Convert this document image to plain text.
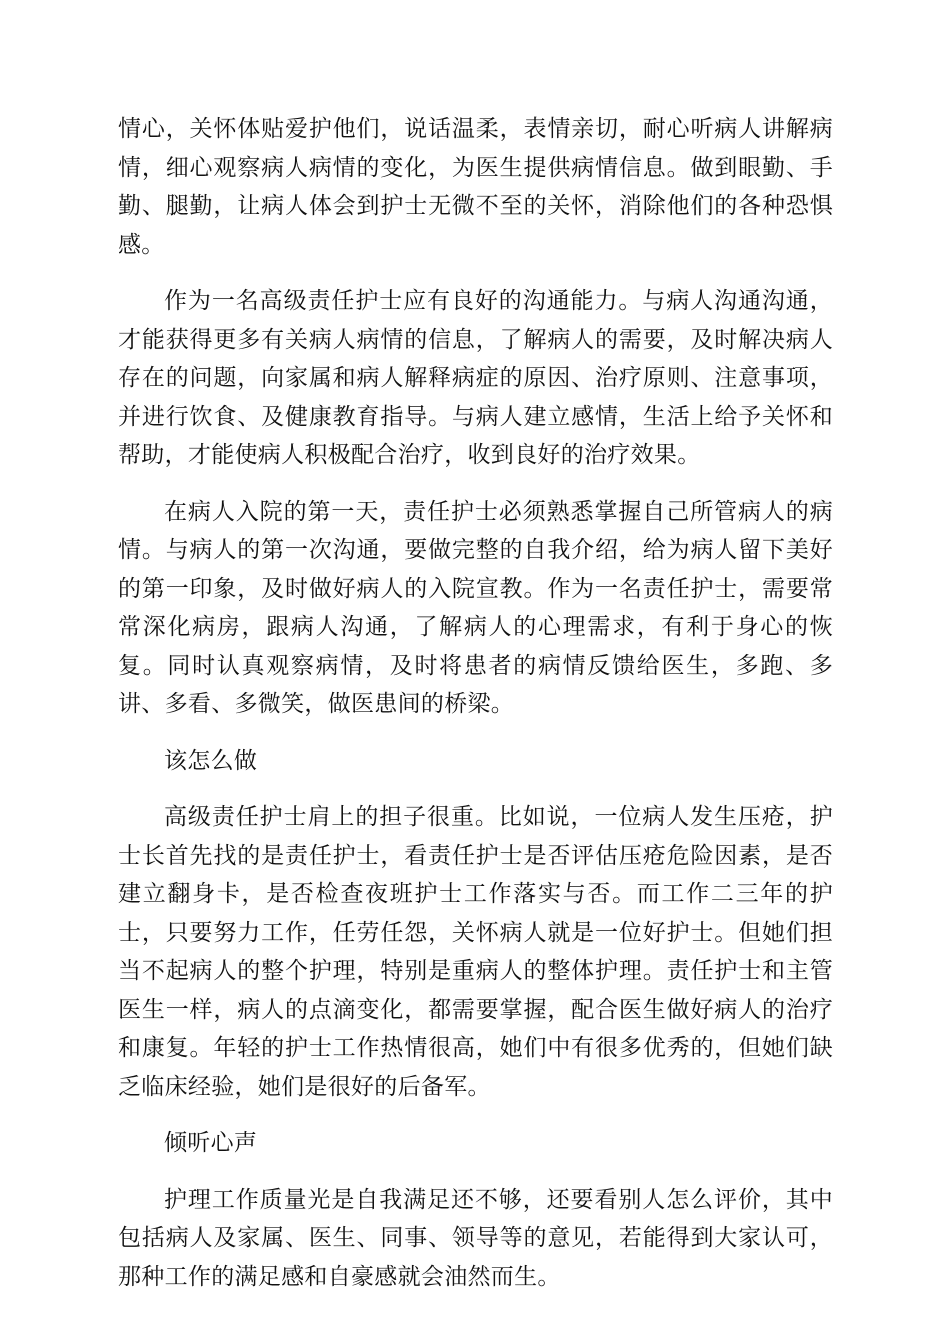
情心，关怀体贴爱护他们，说话温柔，表情亲切，耐心听病人讲解病情，细心观察病人病情的变化，为医生提供病情信息。做到眼勤、手勤、腿勤，让病人体会到护士无微不至的关怀，消除他们的各种恐惧感。

作为一名高级责任护士应有良好的沟通能力。与病人沟通沟通，才能获得更多有关病人病情的信息，了解病人的需要，及时解决病人存在的问题，向家属和病人解释病症的原因、治疗原则、注意事项，并进行饮食、及健康教育指导。与病人建立感情，生活上给予关怀和帮助，才能使病人积极配合治疗，收到良好的治疗效果。

在病人入院的第一天，责任护士必须熟悉掌握自己所管病人的病情。与病人的第一次沟通，要做完整的自我介绍，给为病人留下美好的第一印象，及时做好病人的入院宣教。作为一名责任护士，需要常常深化病房，跟病人沟通，了解病人的心理需求，有利于身心的恢复。同时认真观察病情，及时将患者的病情反馈给医生，多跑、多讲、多看、多微笑，做医患间的桥梁。

该怎么做

高级责任护士肩上的担子很重。比如说，一位病人发生压疮，护士长首先找的是责任护士，看责任护士是否评估压疮危险因素，是否建立翻身卡，是否检查夜班护士工作落实与否。而工作二三年的护士，只要努力工作，任劳任怨，关怀病人就是一位好护士。但她们担当不起病人的整个护理，特别是重病人的整体护理。责任护士和主管医生一样，病人的点滴变化，都需要掌握，配合医生做好病人的治疗和康复。年轻的护士工作热情很高，她们中有很多优秀的，但她们缺乏临床经验，她们是很好的后备军。

倾听心声

护理工作质量光是自我满足还不够，还要看别人怎么评价，其中包括病人及家属、医生、同事、领导等的意见，若能得到大家认可，那种工作的满足感和自豪感就会油然而生。
